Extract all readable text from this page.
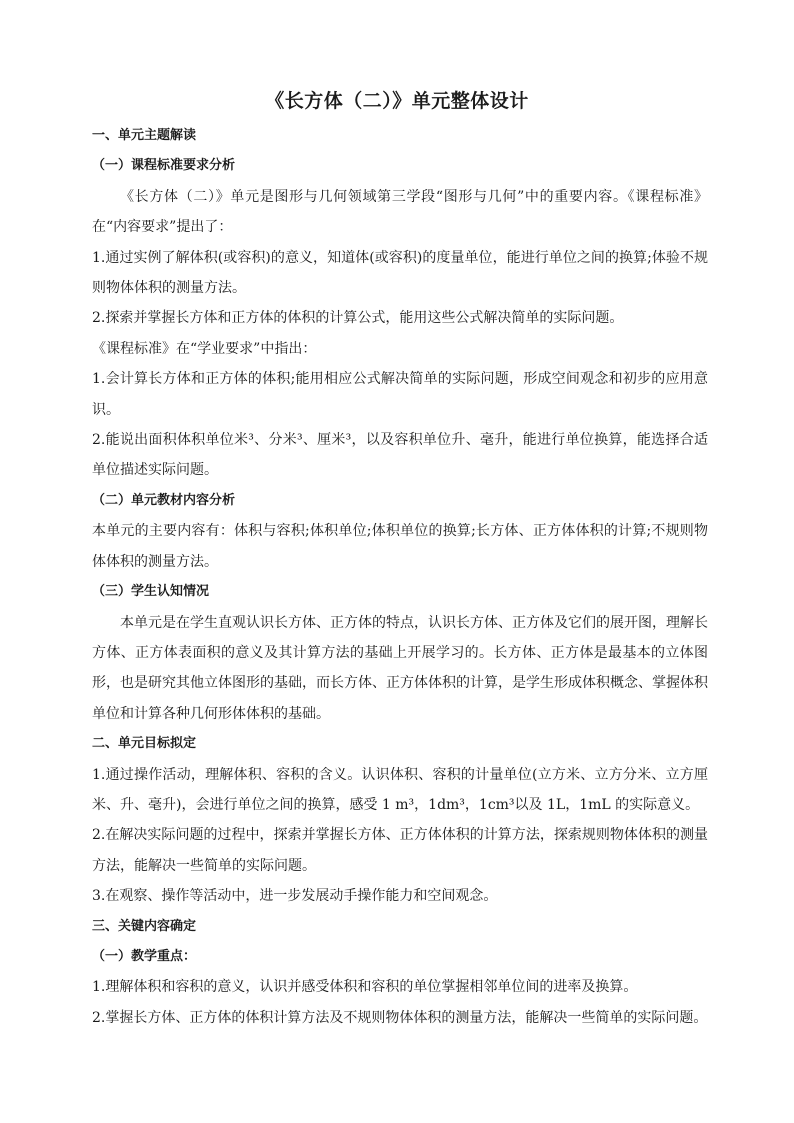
《长方体（二）》单元整体设计

一、单元主题解读

（一）课程标准要求分析

《长方体（二）》单元是图形与几何领域第三学段“图形与几何”中的重要内容。《课程标准》在“内容要求”提出了：

1.通过实例了解体积(或容积)的意义，知道体(或容积)的度量单位，能进行单位之间的换算;体验不规则物体体积的测量方法。

2.探索并掌握长方体和正方体的体积的计算公式，能用这些公式解决简单的实际问题。

《课程标准》在“学业要求”中指出：

1.会计算长方体和正方体的体积;能用相应公式解决简单的实际问题，形成空间观念和初步的应用意识。

2.能说出面积体积单位米³、分米³、厘米³，以及容积单位升、毫升，能进行单位换算，能选择合适单位描述实际问题。

（二）单元教材内容分析

本单元的主要内容有：体积与容积;体积单位;体积单位的换算;长方体、正方体体积的计算;不规则物体体积的测量方法。

（三）学生认知情况

本单元是在学生直观认识长方体、正方体的特点，认识长方体、正方体及它们的展开图，理解长方体、正方体表面积的意义及其计算方法的基础上开展学习的。长方体、正方体是最基本的立体图形，也是研究其他立体图形的基础，而长方体、正方体体积的计算，是学生形成体积概念、掌握体积单位和计算各种几何形体体积的基础。

二、单元目标拟定

1.通过操作活动，理解体积、容积的含义。认识体积、容积的计量单位(立方米、立方分米、立方厘米、升、毫升)，会进行单位之间的换算，感受 1 m³，1dm³，1cm³以及 1L，1mL 的实际意义。

2.在解决实际问题的过程中，探索并掌握长方体、正方体体积的计算方法，探索规则物体体积的测量方法，能解决一些简单的实际问题。

3.在观察、操作等活动中，进一步发展动手操作能力和空间观念。

三、关键内容确定

（一）教学重点：

1.理解体积和容积的意义，认识并感受体积和容积的单位掌握相邻单位间的进率及换算。

2.掌握长方体、正方体的体积计算方法及不规则物体体积的测量方法，能解决一些简单的实际问题。
